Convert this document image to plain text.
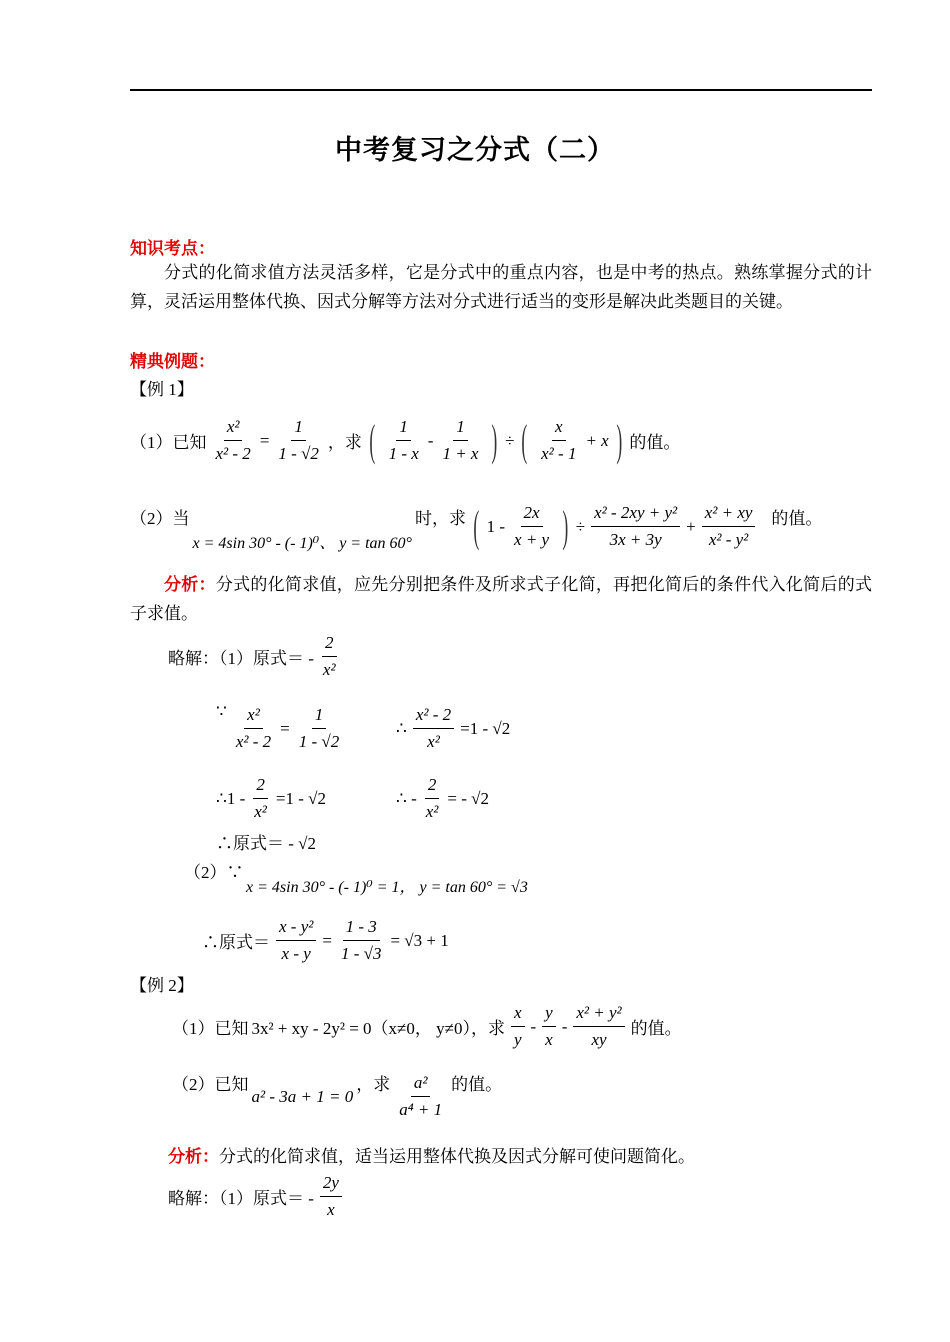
中考复习之分式（二）
知识考点：
分式的化简求值方法灵活多样，它是分式中的重点内容，也是中考的热点。熟练掌握分式的计算，灵活运用整体代换、因式分解等方法对分式进行适当的变形是解决此类题目的关键。
精典例题：
【例 1】
（1）已知 $\frac{\text{x²}}{\text{x² - 2}} = \frac{1}{1 - √2}$ ，求 ( $\frac{1}{1 - x} - \frac{1}{1 + x}$ ) ÷ ( $\frac{x}{\text{x² - 1}} + x$ ) 的值。
（2）当
x = 4sin 30° - (- 1)⁰、 y = tan 60°
时，求 ( $1 - \frac{2x}{x + y}$ ) ÷ $\frac{\text{x² - 2xy + y²}}{3x + 3y} + \frac{\text{x² + xy}}{\text{x² - y²}}$ 的值。
分析：分式的化简求值，应先分别把条件及所求式子化简，再把化简后的条件代入化简后的式子求值。
略解：（1）原式＝ - $\frac{2}{\text{x²}}$
∵ $\frac{\text{x²}}{\text{x² - 2}} = \frac{1}{1 - √2}$	∴ $\frac{\text{x² - 2}}{\text{x²}} =1 - √2$
∴1 - $\frac{2}{\text{x²}} =1 - √2$	∴ - $\frac{2}{\text{x²}}$ = - √2
∴原式＝ - √2
（2）∵
x = 4sin 30° - (- 1)⁰ = 1， y = tan 60° = √3
∴原式＝ $\frac{\text{x - y²}}{x - y} = \frac{1 - 3}{1 - √3} = √3 + 1$
【例 2】
（1）已知 3x² + xy - 2y² = 0（x≠0， y≠0），求 $\frac{x}{y} - \frac{y}{x} - \frac{\text{x² + y²}}{xy}$ 的值。
（2）已知
a² - 3a + 1 = 0
，求 $\frac{\text{a²}}{\text{a⁴ + 1}}$ 的值。
分析：分式的化简求值，适当运用整体代换及因式分解可使问题简化。
略解：（1）原式＝ - $\frac{2y}{x}$
